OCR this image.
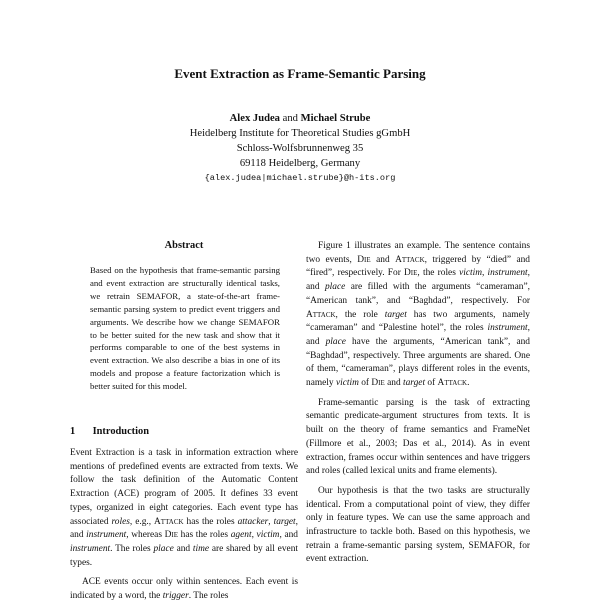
Event Extraction as Frame-Semantic Parsing
Alex Judea and Michael Strube
Heidelberg Institute for Theoretical Studies gGmbH
Schloss-Wolfsbrunnenweg 35
69118 Heidelberg, Germany
{alex.judea|michael.strube}@h-its.org
Abstract
Based on the hypothesis that frame-semantic parsing and event extraction are structurally identical tasks, we retrain SEMAFOR, a state-of-the-art frame-semantic parsing system to predict event triggers and arguments. We describe how we change SEMAFOR to be better suited for the new task and show that it performs comparable to one of the best systems in event extraction. We also describe a bias in one of its models and propose a feature factorization which is better suited for this model.
1 Introduction

Event Extraction is a task in information extraction where mentions of predefined events are extracted from texts. We follow the task definition of the Automatic Content Extraction (ACE) program of 2005. It defines 33 event types, organized in eight categories. Each event type has associated roles, e.g., Attack has the roles attacker, target, and instrument, whereas Die has the roles agent, victim, and instrument. The roles place and time are shared by all event types.

ACE events occur only within sentences. Each event is indicated by a word, the trigger. The roles

Figure 1 illustrates an example. The sentence contains two events, Die and Attack, triggered by “died” and “fired”, respectively. For Die, the roles victim, instrument, and place are filled with the arguments “cameraman”, “American tank”, and “Baghdad”, respectively. For Attack, the role target has two arguments, namely “cameraman” and “Palestine hotel”, the roles instrument, and place have the arguments, “American tank”, and “Baghdad”, respectively. Three arguments are shared. One of them, “cameraman”, plays different roles in the events, namely victim of Die and target of Attack.

Frame-semantic parsing is the task of extracting semantic predicate-argument structures from texts. It is built on the theory of frame semantics and FrameNet (Fillmore et al., 2003; Das et al., 2014). As in event extraction, frames occur within sentences and have triggers and roles (called lexical units and frame elements).

Our hypothesis is that the two tasks are structurally identical. From a computational point of view, they differ only in feature types. We can use the same approach and infrastructure to tackle both. Based on this hypothesis, we retrain a frame-semantic parsing system, SEMAFOR, for event extraction.
